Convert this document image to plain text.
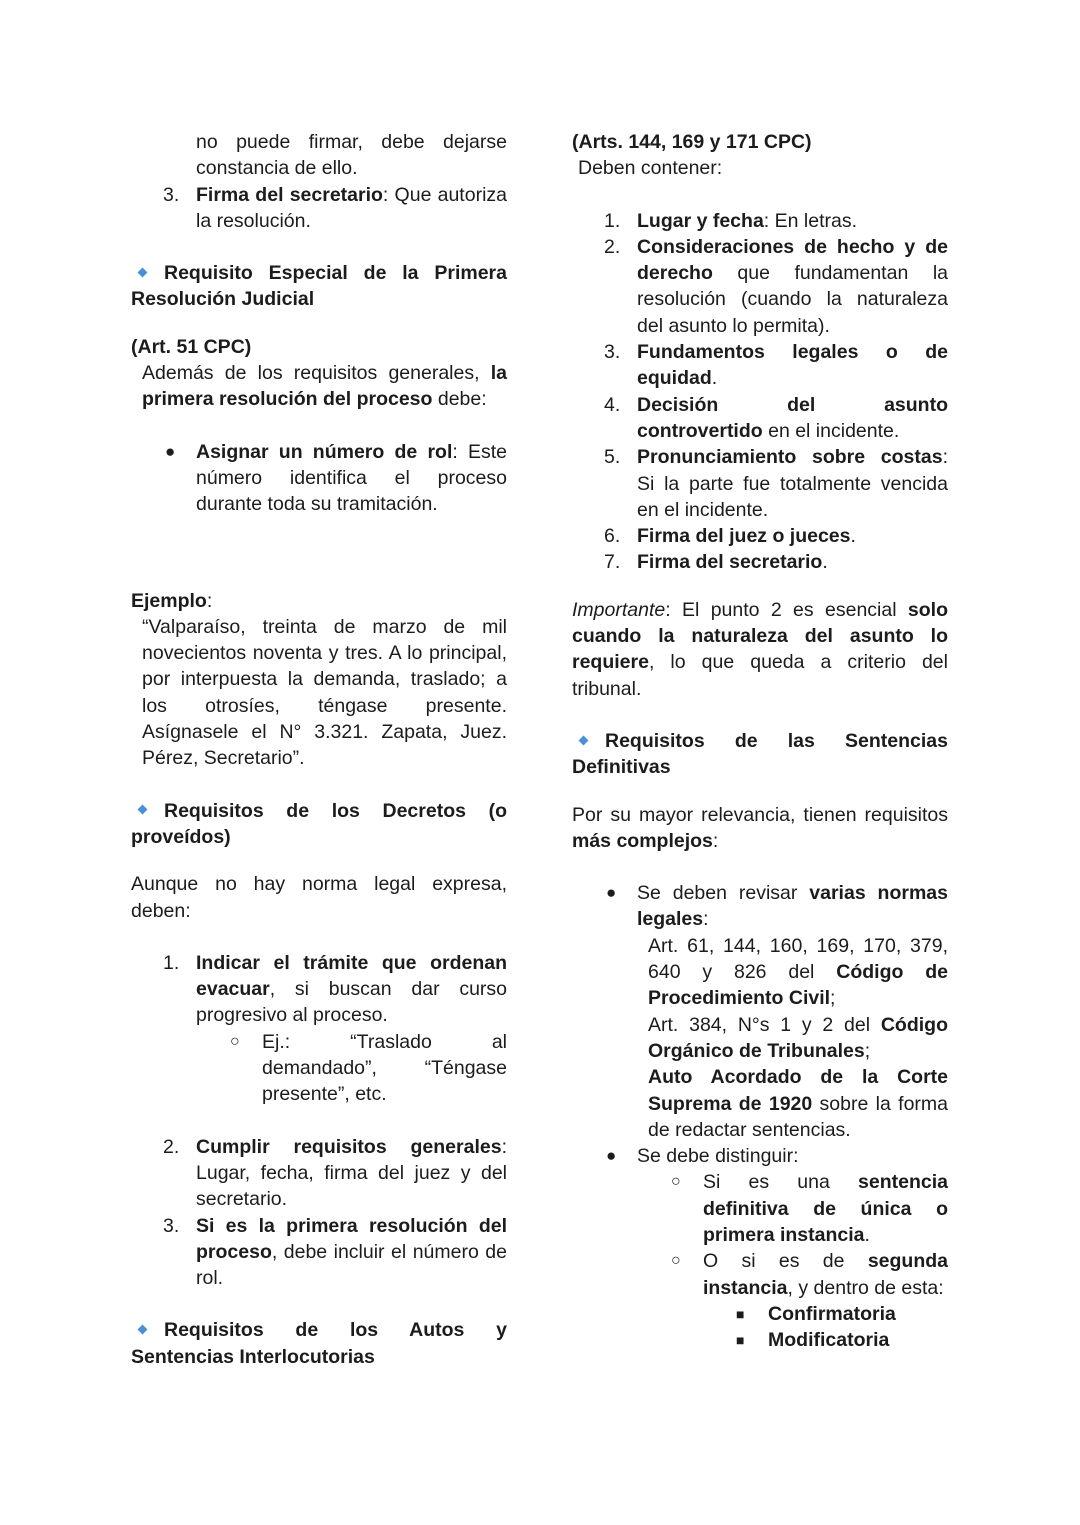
no puede firmar, debe dejarse constancia de ello.

3. Firma del secretario: Que autoriza la resolución.

Requisito Especial de la Primera Resolución Judicial

(Art. 51 CPC)

Además de los requisitos generales, la primera resolución del proceso debe:

● Asignar un número de rol: Este número identifica el proceso durante toda su tramitación.

Ejemplo:

“Valparaíso, treinta de marzo de mil novecientos noventa y tres. A lo principal, por interpuesta la demanda, traslado; a los otrosíes, téngase presente. Asígnasele el N° 3.321. Zapata, Juez. Pérez, Secretario”.

Requisitos de los Decretos (o proveídos)

Aunque no hay norma legal expresa, deben:

1. Indicar el trámite que ordenan evacuar, si buscan dar curso progresivo al proceso.
○ Ej.: “Traslado al demandado”, “Téngase presente”, etc.
2. Cumplir requisitos generales: Lugar, fecha, firma del juez y del secretario.
3. Si es la primera resolución del proceso, debe incluir el número de rol.

Requisitos de los Autos y Sentencias Interlocutorias

(Arts. 144, 169 y 171 CPC)

Deben contener:

1. Lugar y fecha: En letras.
2. Consideraciones de hecho y de derecho que fundamentan la resolución (cuando la naturaleza del asunto lo permita).
3. Fundamentos legales o de equidad.
4. Decisión del asunto controvertido en el incidente.
5. Pronunciamiento sobre costas: Si la parte fue totalmente vencida en el incidente.
6. Firma del juez o jueces.
7. Firma del secretario.

Importante: El punto 2 es esencial solo cuando la naturaleza del asunto lo requiere, lo que queda a criterio del tribunal.

Requisitos de las Sentencias Definitivas

Por su mayor relevancia, tienen requisitos más complejos:

● Se deben revisar varias normas legales:
Art. 61, 144, 160, 169, 170, 379, 640 y 826 del Código de Procedimiento Civil;
Art. 384, N°s 1 y 2 del Código Orgánico de Tribunales;
Auto Acordado de la Corte Suprema de 1920 sobre la forma de redactar sentencias.
● Se debe distinguir:
○ Si es una sentencia definitiva de única o primera instancia.
○ O si es de segunda instancia, y dentro de esta:
■ Confirmatoria
■ Modificatoria
